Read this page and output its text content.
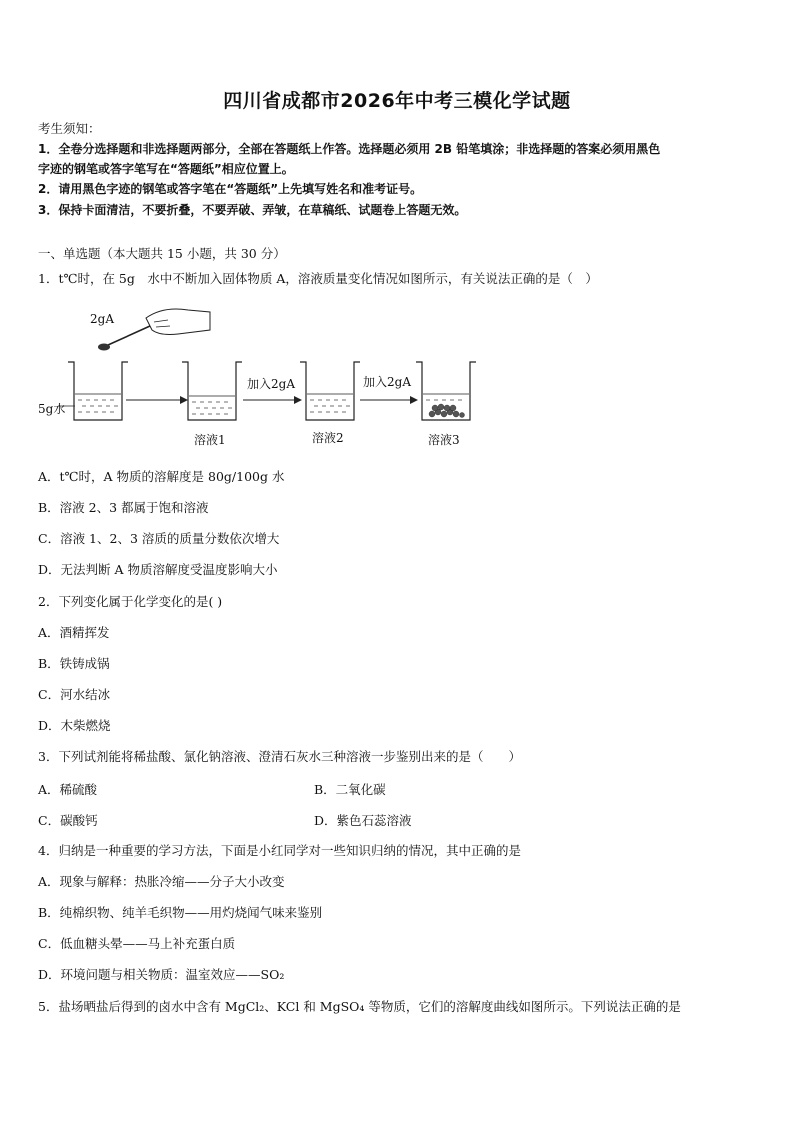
四川省成都市2026年中考三模化学试题
考生须知：
1．全卷分选择题和非选择题两部分，全部在答题纸上作答。选择题必须用 2B 铅笔填涂；非选择题的答案必须用黑色
字迹的钢笔或答字笔写在“答题纸”相应位置上。
2．请用黑色字迹的钢笔或答字笔在“答题纸”上先填写姓名和准考证号。
3．保持卡面清洁，不要折叠，不要弄破、弄皱，在草稿纸、试题卷上答题无效。
一、单选题（本大题共 15 小题，共 30 分）
1．t℃时，在 5g　水中不断加入固体物质 A，溶液质量变化情况如图所示，有关说法正确的是（　）
2gA
5g水
加入2gA	加入2gA
溶液1	溶液2	溶液3
A．t℃时，A 物质的溶解度是 80g/100g 水
B．溶液 2、3 都属于饱和溶液
C．溶液 1、2、3 溶质的质量分数依次增大
D．无法判断 A 物质溶解度受温度影响大小
2．下列变化属于化学变化的是( )
A．酒精挥发
B．铁铸成锅
C．河水结冰
D．木柴燃烧
3．下列试剂能将稀盐酸、氯化钠溶液、澄清石灰水三种溶液一步鉴别出来的是（　　）
A．稀硫酸	B．二氧化碳
C．碳酸钙	D．紫色石蕊溶液
4．归纳是一种重要的学习方法，下面是小红同学对一些知识归纳的情况，其中正确的是
A．现象与解释：热胀冷缩——分子大小改变
B．纯棉织物、纯羊毛织物——用灼烧闻气味来鉴别
C．低血糖头晕——马上补充蛋白质
D．环境问题与相关物质：温室效应——SO₂
5．盐场晒盐后得到的卤水中含有 MgCl₂、KCl 和 MgSO₄ 等物质，它们的溶解度曲线如图所示。下列说法正确的是
